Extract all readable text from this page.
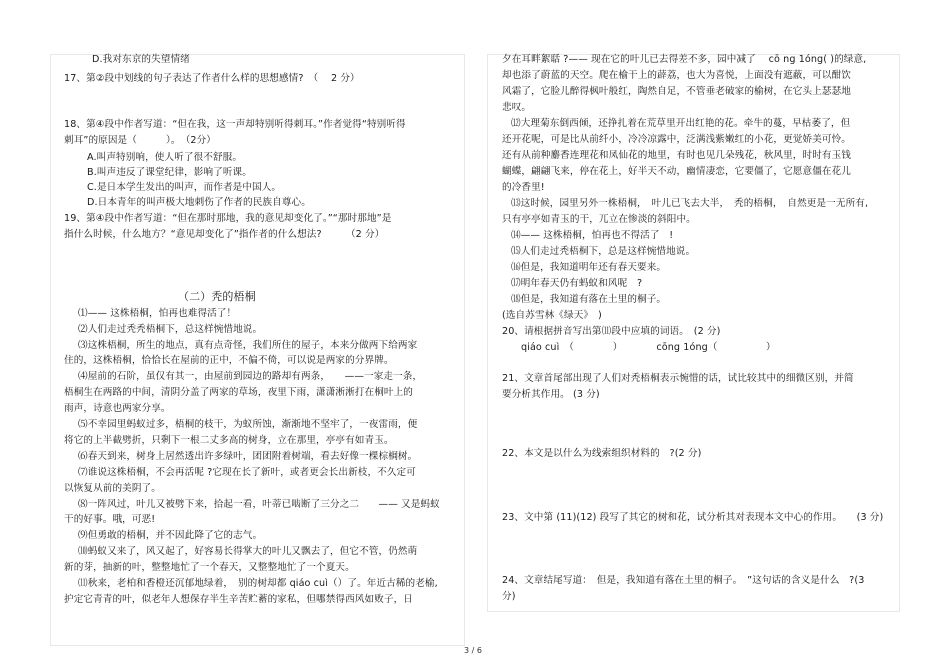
D.我对东京的失望情绪
17、第②段中划线的句子表达了作者什么样的思想感情?　（　 2 分）
18、第④段中作者写道：“但在我，这一声却特别听得刺耳。”作者觉得“特别听得
刺耳”的原因是（　　　）。　（2分）
A.叫声特别响，使人听了很不舒服。
B.叫声违反了课堂纪律，影响了听课。
C.是日本学生发出的叫声，而作者是中国人。
D.日本青年的叫声极大地刺伤了作者的民族自尊心。
19、第④段中作者写道：“但在那时那地，我的意见却变化了。”“那时那地”是
指什么时候，什么地方？“意见却变化了”指作者的什么想法?　　　（2 分）
（二）秃的梧桐
⑴—— 这株梧桐，怕再也难得活了！
⑵人们走过秃秃梧桐下，总这样惋惜地说。
⑶这株梧桐，所生的地点，真有点奇怪，我们所住的屋子，本来分做两下给两家
住的，这株梧桐，恰恰长在屋前的正中，不偏不倚，可以说是两家的分界牌。
⑷屋前的石阶，虽仅有其一，由屋前到园边的路却有两条，　　——一家走一条，
梧桐生在两路的中间，清阴分盖了两家的草场，夜里下雨，潇潇淅淅打在桐叶上的
雨声，诗意也两家分享。
⑸不幸园里蚂蚁过多，梧桐的枝干，为蚁所蚀，渐渐地不坚牢了，一夜雷雨，便
将它的上半截劈折，只剩下一根二丈多高的树身，立在那里，亭亭有如青玉。
⑹春天到来，树身上居然透出许多绿叶，团团附着树端，看去好像一棵棕榈树。
⑺谁说这株梧桐，不会再活呢 ?它现在长了新叶，或者更会长出新枝，不久定可
以恢复从前的美阴了。
⑻一阵风过，叶儿又被劈下来，拾起一看，叶蒂已啮断了三分之二　　—— 又是蚂蚁
干的好事。哦，可恶!
⑼但勇敢的梧桐，并不因此降了它的志气。
⑽蚂蚁又来了，风又起了，好容易长得掌大的叶儿又飘去了，但它不管，仍然萌
新的芽，抽新的叶，整整地忙了一个春天，又整整地忙了一个夏天。
⑾秋来，老柏和香橙还沉郁地绿着，　别的树却都 qiáo cuì（）了。年近古稀的老榆,
护定它青青的叶，似老年人想保存半生辛苦贮蓄的家私，但哪禁得西风如败子，日
夕在耳畔絮聒 ?—— 现在它的叶儿已去得差不多，园中减了　 cō ng 1óng( )的绿意,
却也添了蔚蓝的天空。爬在榆干上的薜荔，也大为喜悦，上面没有遮蔽，可以酣饮
风霜了，它脸儿醉得枫叶般红，陶然自足，不管垂老破家的榆树，在它头上瑟瑟地
悲叹。
⑿大理菊东倒西倾，还挣扎着在荒草里开出红艳的花。牵牛的蔓，早枯萎了，但
还开花呢，可是比从前纤小，冷冷凉露中，泛满浅紫嫩红的小花，更觉娇美可怜。
还有从前种麝香连理花和凤仙花的地里，有时也见几朵残花，秋风里，时时有玉钱
蝴蝶，翩翩飞来，停在花上，好半天不动，幽情凄恋，它要僵了，它愿意僵在花儿
的冷香里!
⒀这时候，园里另外一株梧桐，　叶儿已飞去大半，　秃的梧桐，　自然更是一无所有,
只有亭亭如青玉的干，兀立在惨淡的斜阳中。
⒁—— 这株梧桐，怕再也不得活了　!
⒂人们走过秃梧桐下，总是这样惋惜地说。
⒃但是，我知道明年还有春天要来。
⒄明年春天仍有蚂蚁和风呢　?
⒅但是，我知道有落在土里的桐子。
(选自苏雪林《绿天》　)
20、请根据拼音写出第⑾段中应填的词语。　(2 分)
qiáo cuì　（　　　　）　　　　cōng 1óng（　　　　　）
21、文章首尾部出现了人们对秃梧桐表示惋惜的话，试比较其中的细微区别，并简
要分析其作用。 (3 分)
22、本文是以什么为线索组织材料的　?(2 分)
23、文中第 (11)(12) 段写了其它的树和花，试分析其对表现本文中心的作用。　　(3 分)
24、文章结尾写道：　但是，我知道有落在土里的桐子。　”这句话的含义是什么　?(3
分)
3 / 6
